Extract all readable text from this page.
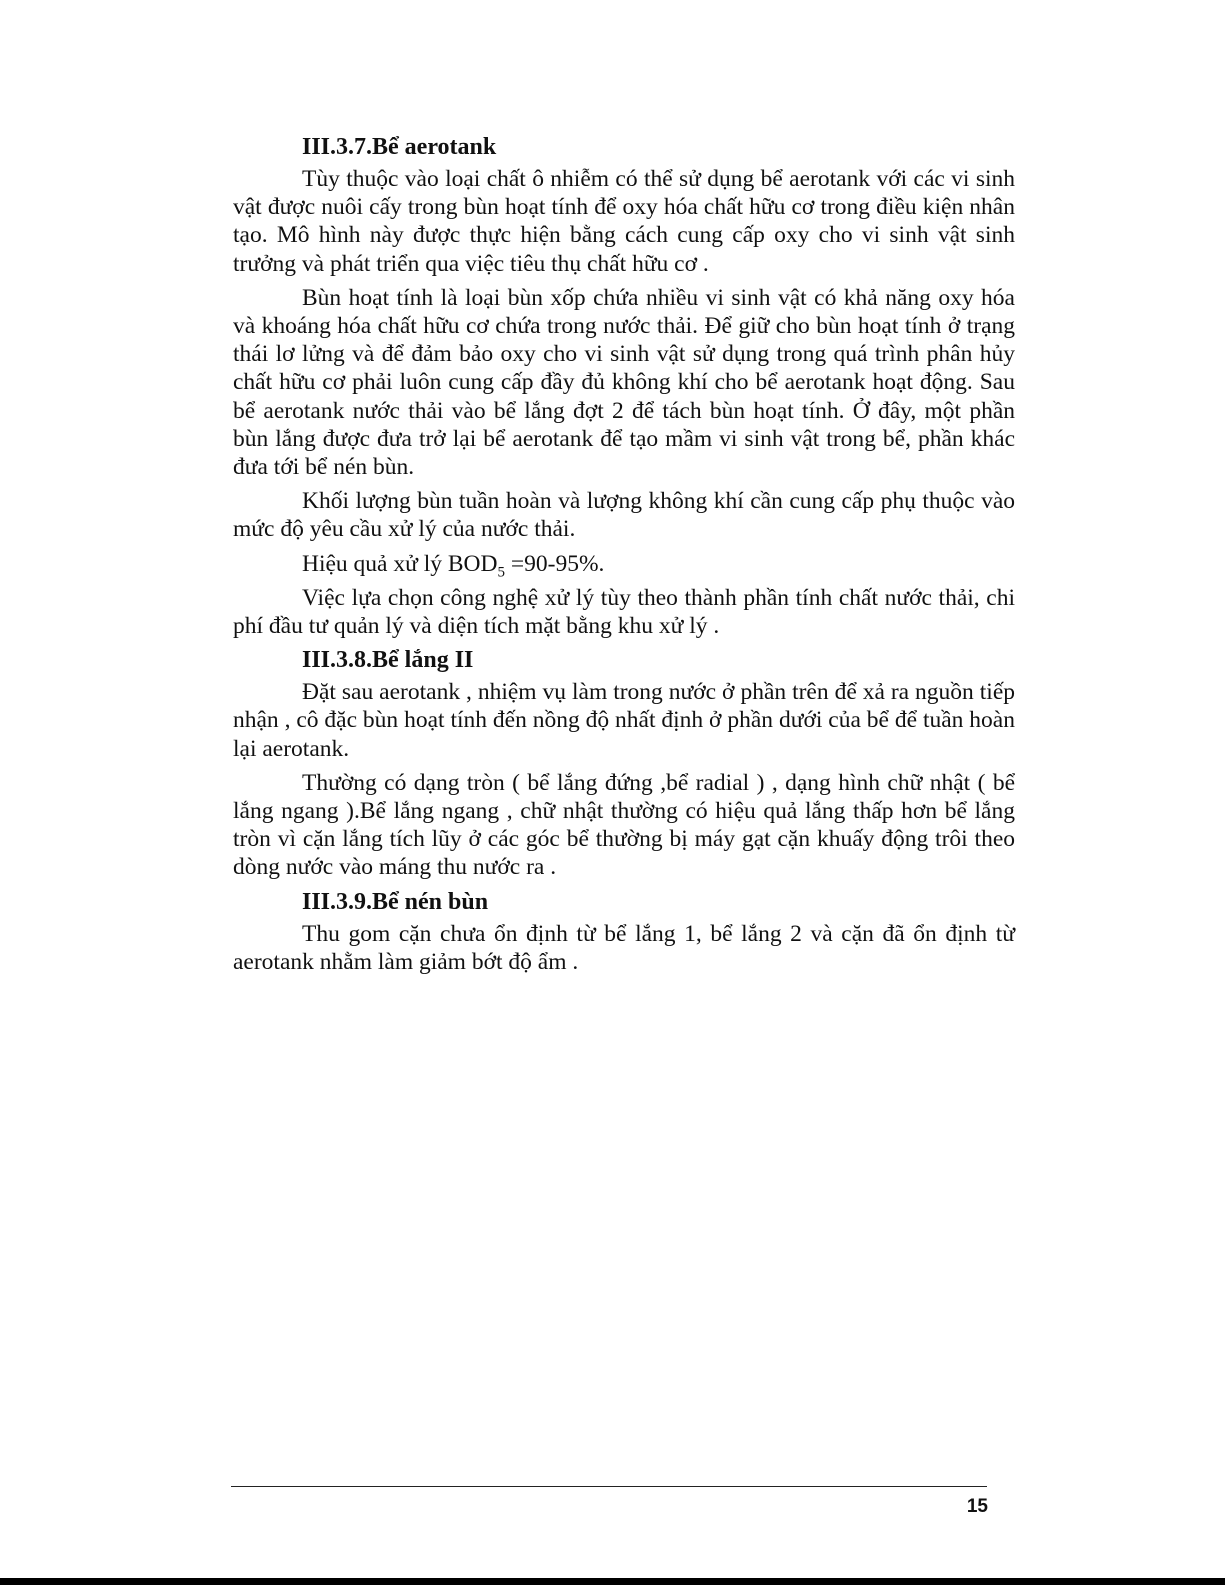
III.3.7.Bể aerotank

Tùy thuộc vào loại chất ô nhiễm có thể sử dụng bể aerotank với các vi sinh vật được nuôi cấy trong bùn hoạt tính để oxy hóa chất hữu cơ trong điều kiện nhân tạo. Mô hình này được thực hiện bằng cách cung cấp oxy cho vi sinh vật sinh trưởng và phát triển qua việc tiêu thụ chất hữu cơ .

Bùn hoạt tính là loại bùn xốp chứa nhiều vi sinh vật có khả năng oxy hóa và khoáng hóa chất hữu cơ chứa trong nước thải. Để giữ cho bùn hoạt tính ở trạng thái lơ lửng và để đảm bảo oxy cho vi sinh vật sử dụng trong quá trình phân hủy chất hữu cơ phải luôn cung cấp đầy đủ không khí cho bể aerotank hoạt động. Sau bể aerotank nước thải vào bể lắng đợt 2 để tách bùn hoạt tính. Ở đây, một phần bùn lắng được đưa trở lại bể aerotank để tạo mầm vi sinh vật trong bể, phần khác đưa tới bể nén bùn.

Khối lượng bùn tuần hoàn và lượng không khí cần cung cấp phụ thuộc vào mức độ yêu cầu xử lý của nước thải.

Hiệu quả xử lý $BOD_5 =90-95\%$.

Việc lựa chọn công nghệ xử lý tùy theo thành phần tính chất nước thải, chi phí đầu tư quản lý và diện tích mặt bằng khu xử lý .

III.3.8.Bể lắng II

Đặt sau aerotank , nhiệm vụ làm trong nước ở phần trên để xả ra nguồn tiếp nhận , cô đặc bùn hoạt tính đến nồng độ nhất định ở phần dưới của bể để tuần hoàn lại aerotank.

Thường có dạng tròn ( bể lắng đứng ,bể radial ) , dạng hình chữ nhật ( bể lắng ngang ).Bể lắng ngang , chữ nhật thường có hiệu quả lắng thấp hơn bể lắng tròn vì cặn lắng tích lũy ở các góc bể thường bị máy gạt cặn khuấy động trôi theo dòng nước vào máng thu nước ra .

III.3.9.Bể nén bùn

Thu gom cặn chưa ổn định từ bể lắng 1, bể lắng 2 và cặn đã ổn định từ aerotank nhằm làm giảm bớt độ ẩm .

15
